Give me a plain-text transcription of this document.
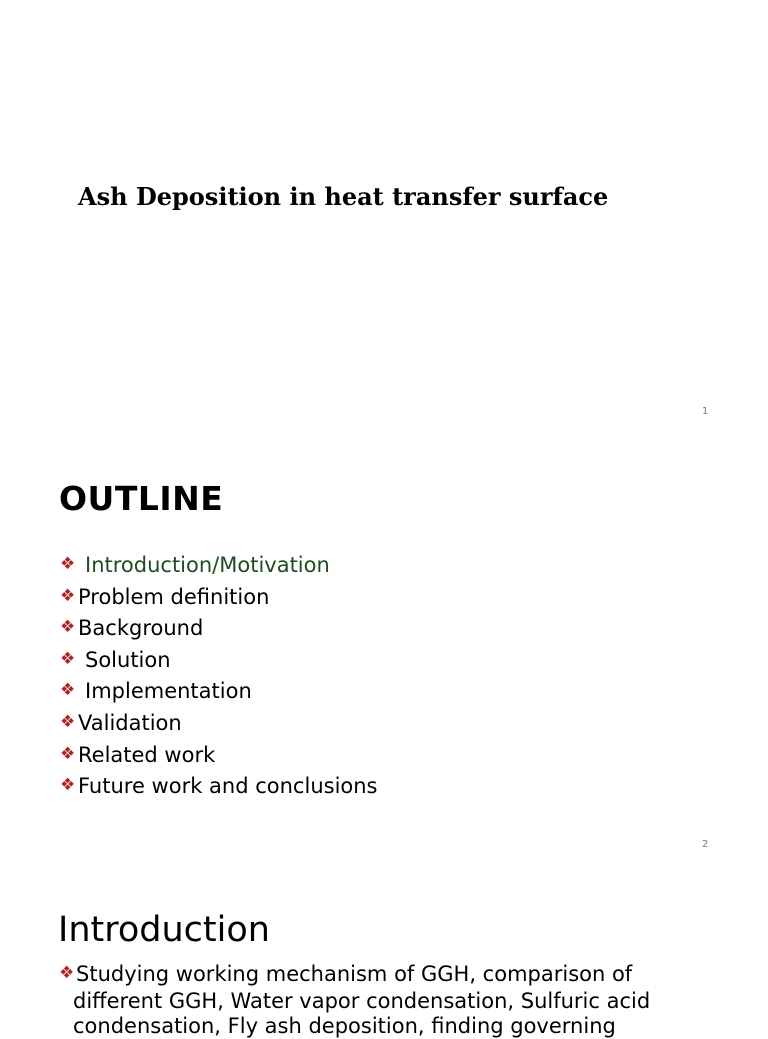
Ash Deposition in heat transfer surface
1
OUTLINE
❖ Introduction/Motivation
❖ Problem definition
❖ Background
❖ Solution
❖ Implementation
❖ Validation
❖ Related work
❖ Future work and conclusions
2
Introduction
❖Studying working mechanism of GGH, comparison of
different GGH, Water vapor condensation, Sulfuric acid
condensation, Fly ash deposition, finding governing
